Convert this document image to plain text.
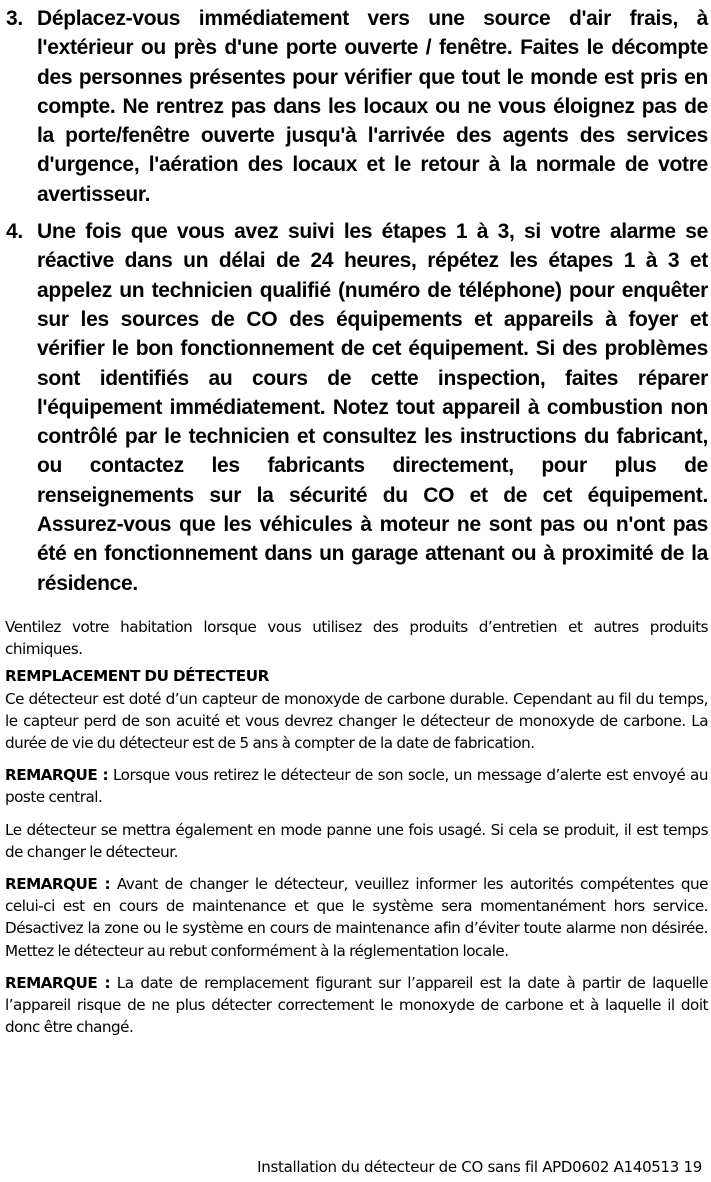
3. Déplacez-vous immédiatement vers une source d'air frais, à l'extérieur ou près d'une porte ouverte / fenêtre. Faites le décompte des personnes présentes pour vérifier que tout le monde est pris en compte. Ne rentrez pas dans les locaux ou ne vous éloignez pas de la porte/fenêtre ouverte jusqu'à l'arrivée des agents des services d'urgence, l'aération des locaux et le retour à la normale de votre avertisseur.
4. Une fois que vous avez suivi les étapes 1 à 3, si votre alarme se réactive dans un délai de 24 heures, répétez les étapes 1 à 3 et appelez un technicien qualifié (numéro de téléphone) pour enquêter sur les sources de CO des équipements et appareils à foyer et vérifier le bon fonctionnement de cet équipement. Si des problèmes sont identifiés au cours de cette inspection, faites réparer l'équipement immédiatement. Notez tout appareil à combustion non contrôlé par le technicien et consultez les instructions du fabricant, ou contactez les fabricants directement, pour plus de renseignements sur la sécurité du CO et de cet équipement. Assurez-vous que les véhicules à moteur ne sont pas ou n'ont pas été en fonctionnement dans un garage attenant ou à proximité de la résidence.

Ventilez votre habitation lorsque vous utilisez des produits d’entretien et autres produits chimiques.

REMPLACEMENT DU DÉTECTEUR

Ce détecteur est doté d’un capteur de monoxyde de carbone durable. Cependant au fil du temps, le capteur perd de son acuité et vous devrez changer le détecteur de monoxyde de carbone. La durée de vie du détecteur est de 5 ans à compter de la date de fabrication.

REMARQUE : Lorsque vous retirez le détecteur de son socle, un message d’alerte est envoyé au poste central.

Le détecteur se mettra également en mode panne une fois usagé. Si cela se produit, il est temps de changer le détecteur.

REMARQUE : Avant de changer le détecteur, veuillez informer les autorités compétentes que celui-ci est en cours de maintenance et que le système sera momentanément hors service. Désactivez la zone ou le système en cours de maintenance afin d’éviter toute alarme non désirée. Mettez le détecteur au rebut conformément à la réglementation locale.

REMARQUE : La date de remplacement figurant sur l’appareil est la date à partir de laquelle l’appareil risque de ne plus détecter correctement le monoxyde de carbone et à laquelle il doit donc être changé.

Installation du détecteur de CO sans fil APD0602 A140513 19
